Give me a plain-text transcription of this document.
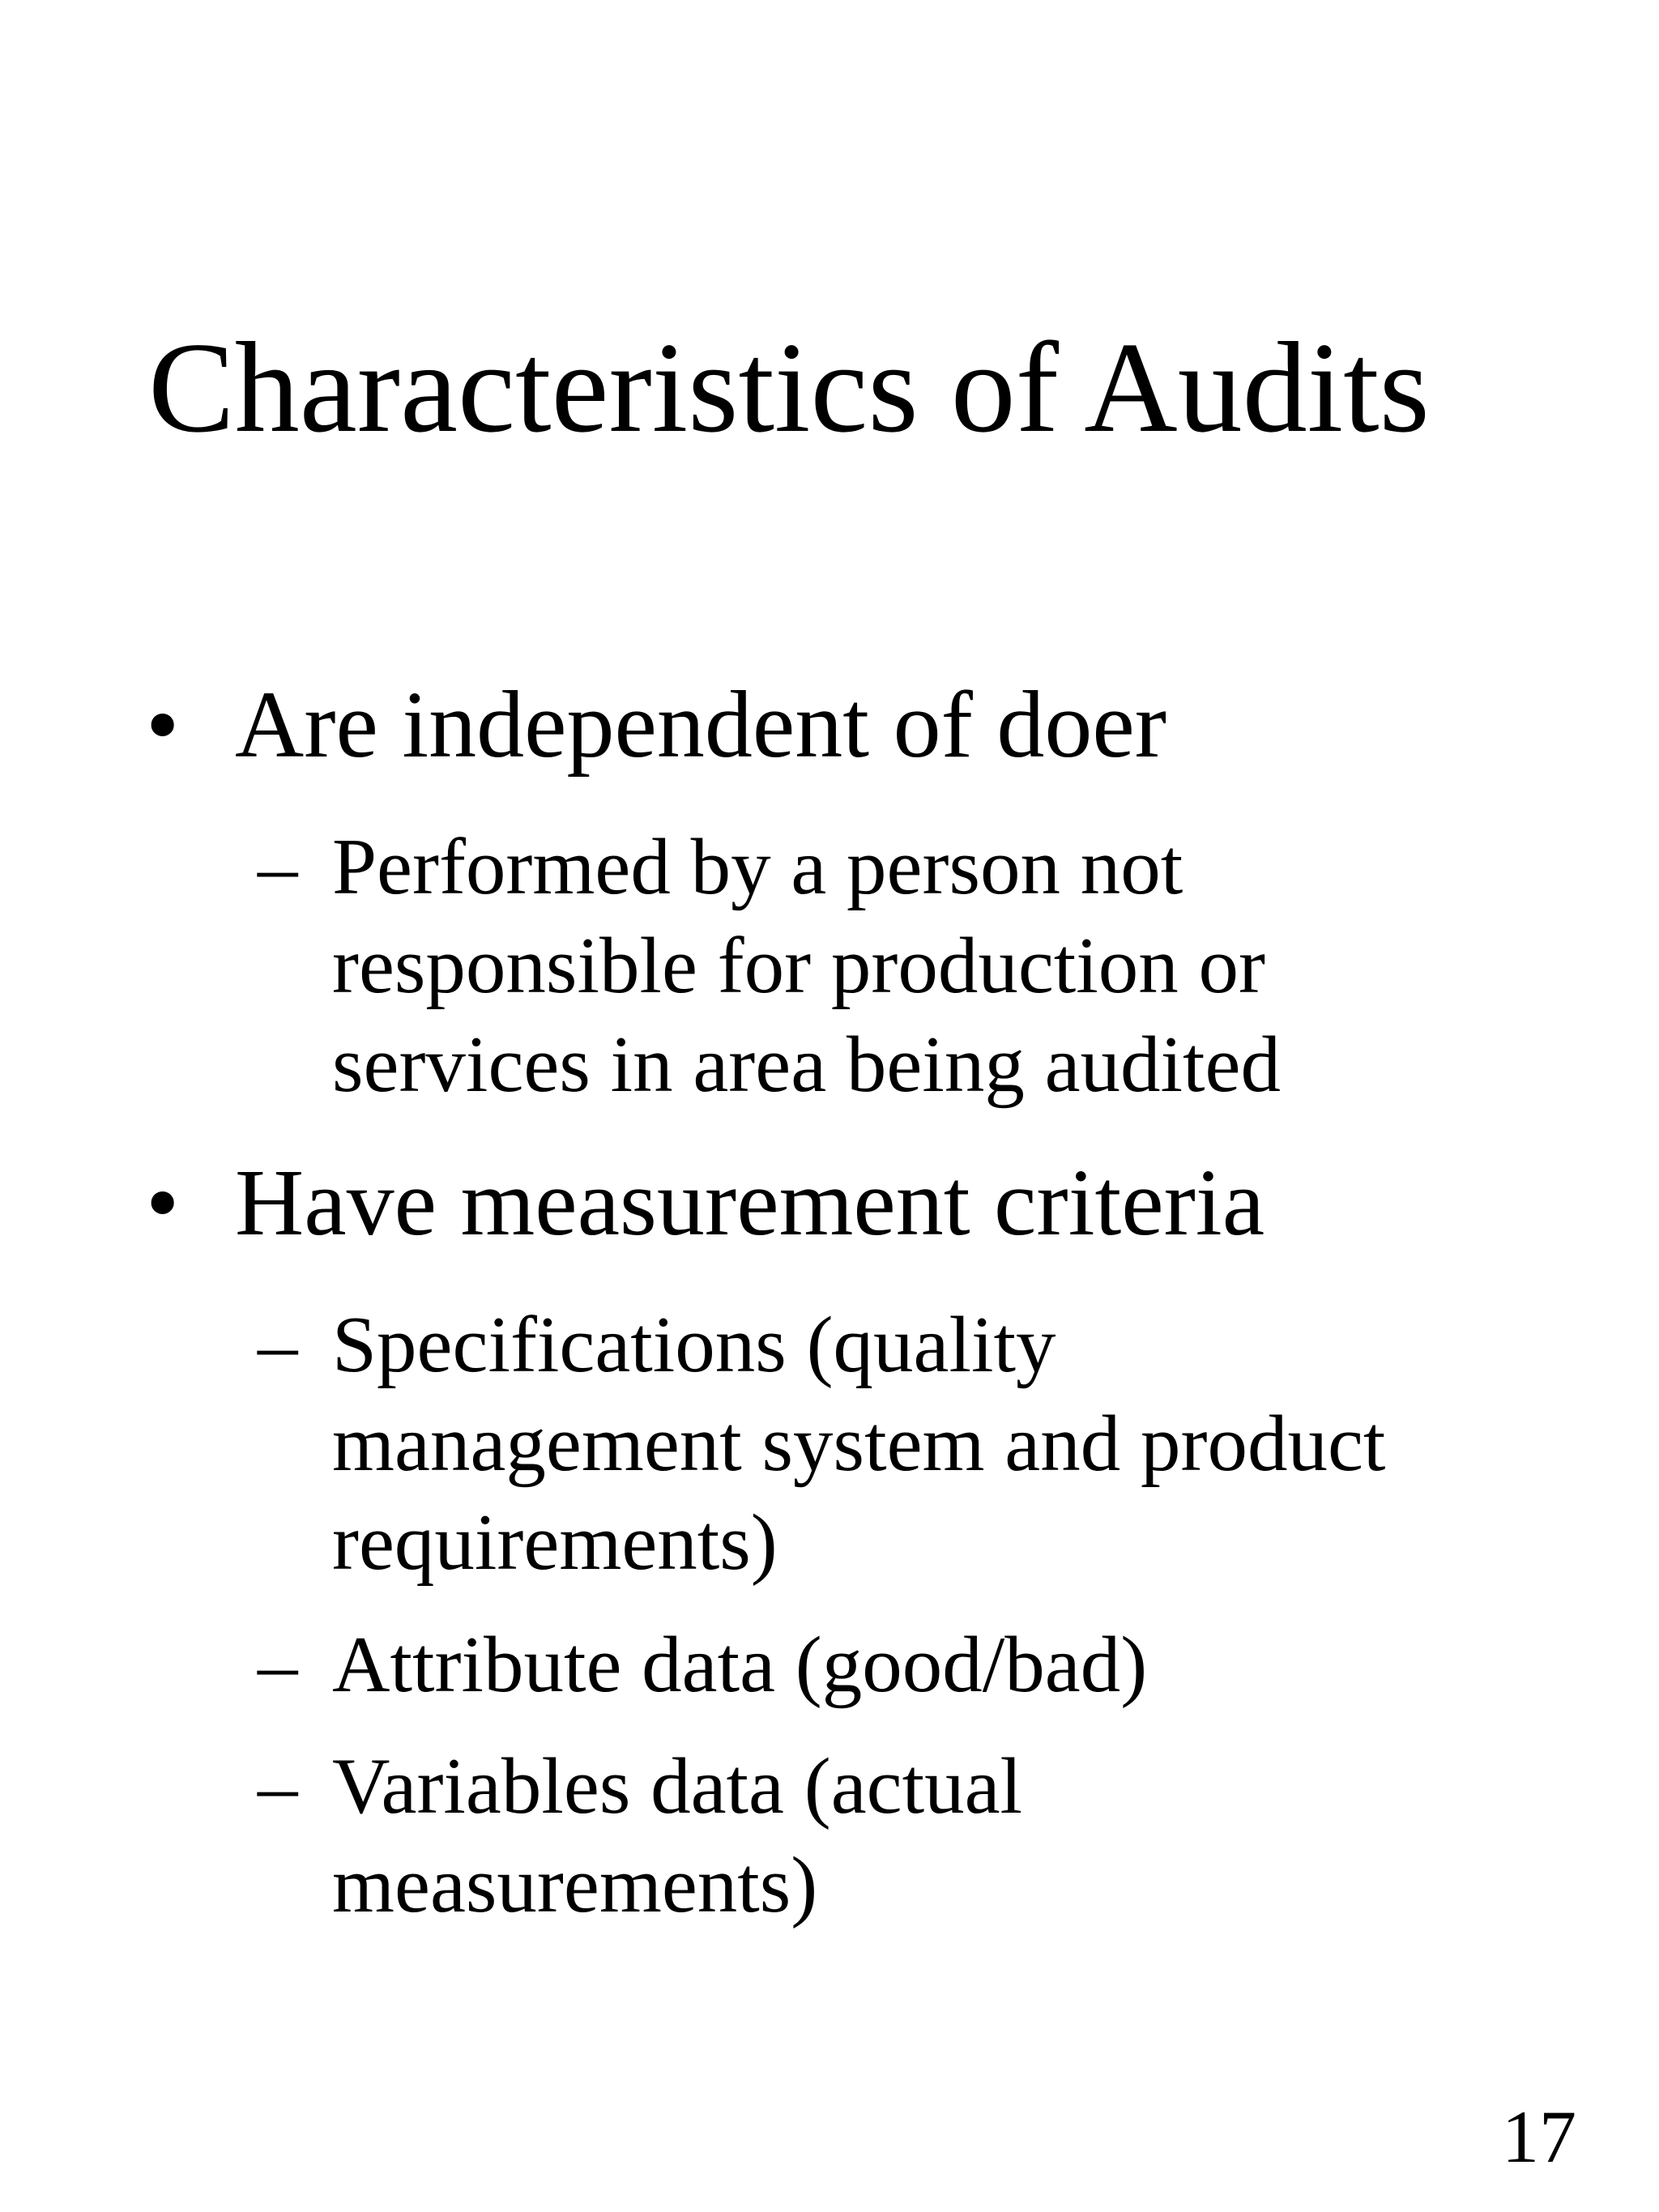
Characteristics of Audits
• Are independent of doer
– Performed by a person not
responsible for production or
services in area being audited
• Have measurement criteria
– Specifications (quality
management system and product
requirements)
– Attribute data (good/bad)
– Variables data (actual
measurements)
17
